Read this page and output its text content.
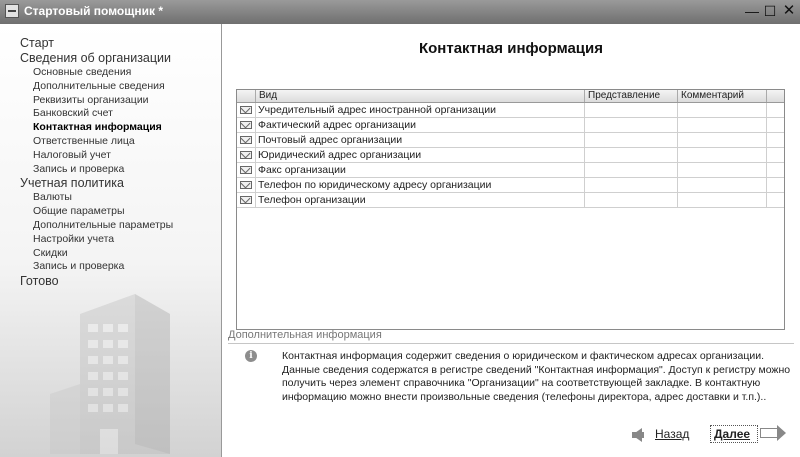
Стартовый помощник *	— ☐ ✕
Старт
Сведения об организации
Основные сведения
Дополнительные сведения
Реквизиты организации
Банковский счет
Контактная информация
Ответственные лица
Налоговый учет
Запись и проверка
Учетная политика
Валюты
Общие параметры
Дополнительные параметры
Настройки учета
Скидки
Запись и проверка
Готово
Контактная информация
Вид	Представление	Комментарий
Учредительный адрес иностранной организации
Фактический адрес организации
Почтовый адрес организации
Юридический адрес организации
Факс организации
Телефон по юридическому адресу организации
Телефон организации
Дополнительная информация
i	Контактная информация содержит сведения о юридическом и фактическом адресах организации.
Данные сведения содержатся в регистре сведений "Контактная информация". Доступ к регистру можно
получить через элемент справочника "Организации" на соответствующей закладке. В контактную
информацию можно внести произвольные сведения (телефоны директора, адрес доставки и т.п.)..
Назад Далее
